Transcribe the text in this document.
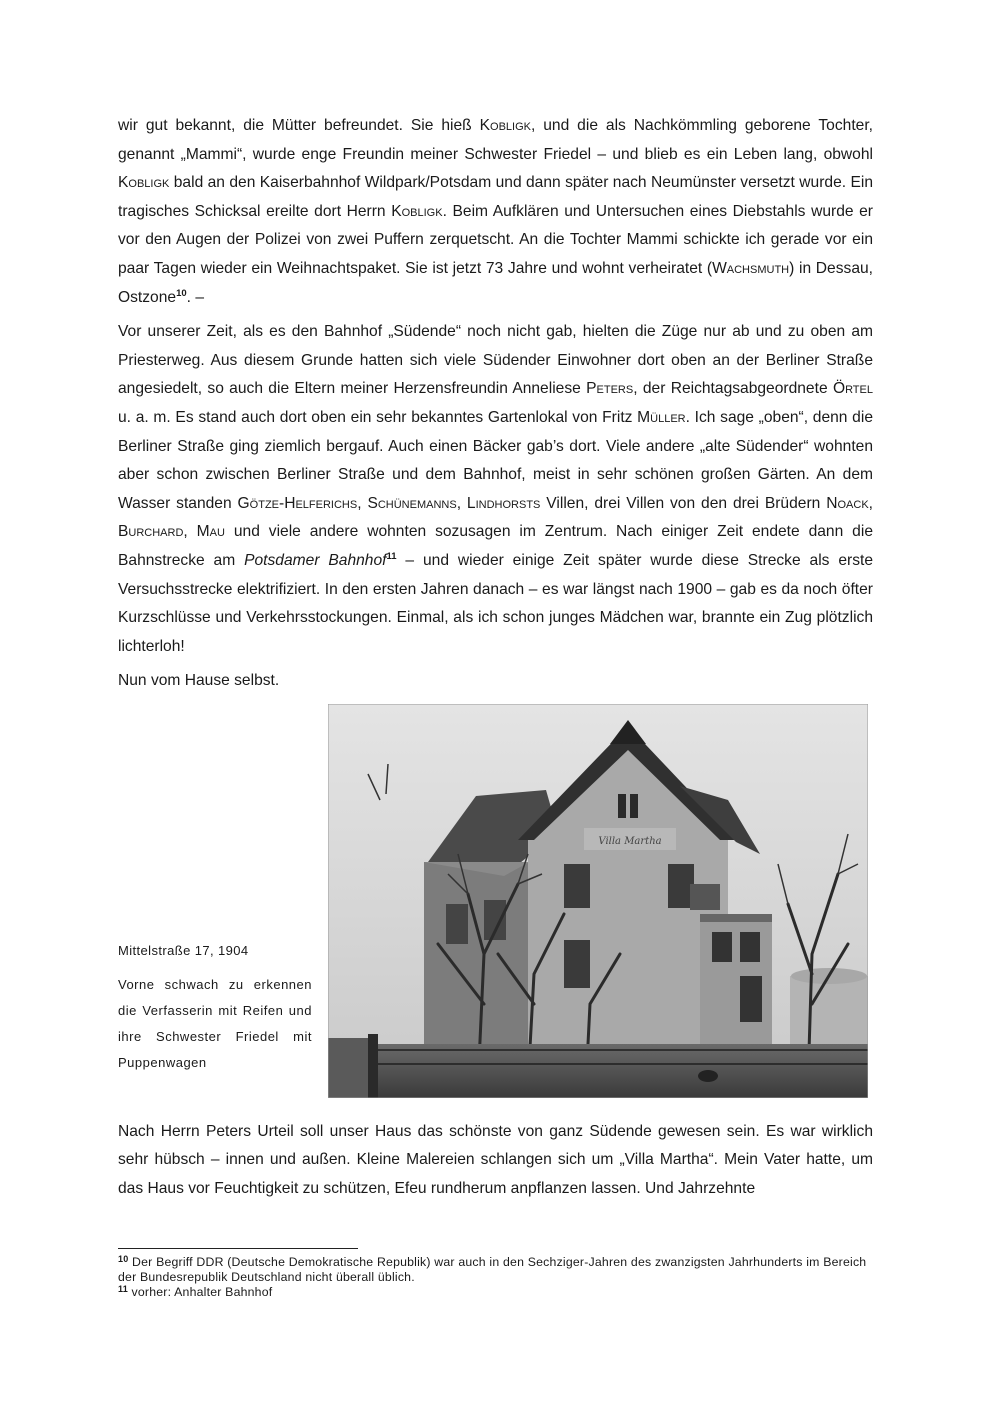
wir gut bekannt, die Mütter befreundet. Sie hieß Kobligk, und die als Nachkömmling geborene Tochter, genannt „Mammi“, wurde enge Freundin meiner Schwester Friedel – und blieb es ein Leben lang, obwohl Kobligk bald an den Kaiserbahnhof Wildpark/Potsdam und dann später nach Neumünster versetzt wurde. Ein tragisches Schicksal ereilte dort Herrn Kobligk. Beim Aufklären und Untersuchen eines Diebstahls wurde er vor den Augen der Polizei von zwei Puffern zerquetscht. An die Tochter Mammi schickte ich gerade vor ein paar Tagen wieder ein Weihnachtspaket. Sie ist jetzt 73 Jahre und wohnt verheiratet (Wachsmuth) in Dessau, Ostzone$^{10}$. –

Vor unserer Zeit, als es den Bahnhof „Südende“ noch nicht gab, hielten die Züge nur ab und zu oben am Priesterweg. Aus diesem Grunde hatten sich viele Südender Einwohner dort oben an der Berliner Straße angesiedelt, so auch die Eltern meiner Herzensfreundin Anneliese Peters, der Reichtagsabgeordnete Örtel u. a. m. Es stand auch dort oben ein sehr bekanntes Gartenlokal von Fritz Müller. Ich sage „oben“, denn die Berliner Straße ging ziemlich bergauf. Auch einen Bäcker gab’s dort. Viele andere „alte Südender“ wohnten aber schon zwischen Berliner Straße und dem Bahnhof, meist in sehr schönen großen Gärten. An dem Wasser standen Götze-Helferichs, Schünemanns, Lindhorsts Villen, drei Villen von den drei Brüdern Noack, Burchard, Mau und viele andere wohnten sozusagen im Zentrum. Nach einiger Zeit endete dann die Bahnstrecke am Potsdamer Bahnhof$^{11}$ – und wieder einige Zeit später wurde diese Strecke als erste Versuchsstrecke elektrifiziert. In den ersten Jahren danach – es war längst nach 1900 – gab es da noch öfter Kurzschlüsse und Verkehrsstockungen. Einmal, als ich schon junges Mädchen war, brannte ein Zug plötzlich lichterloh!

Nun vom Hause selbst.

Mittelstraße 17, 1904

Vorne schwach zu erkennen die Verfasserin mit Reifen und ihre Schwester Friedel mit Puppenwagen

Villa Martha

Nach Herrn Peters Urteil soll unser Haus das schönste von ganz Südende gewesen sein. Es war wirklich sehr hübsch – innen und außen. Kleine Malereien schlangen sich um „Villa Martha“. Mein Vater hatte, um das Haus vor Feuchtigkeit zu schützen, Efeu rundherum anpflanzen lassen. Und Jahrzehnte

$^{10}$ Der Begriff DDR (Deutsche Demokratische Republik) war auch in den Sechziger-Jahren des zwanzigsten Jahrhunderts im Bereich der Bundesrepublik Deutschland nicht überall üblich.

$^{11}$ vorher: Anhalter Bahnhof
